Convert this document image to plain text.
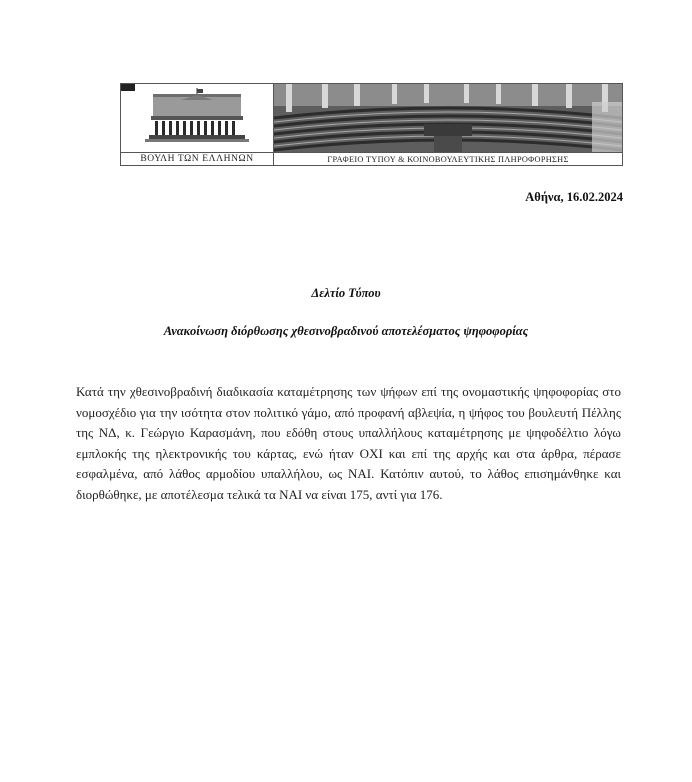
ΒΟΥΛΗ ΤΩΝ ΕΛΛΗΝΩΝ	ΓΡΑΦΕΙΟ ΤΥΠΟΥ & ΚΟΙΝΟΒΟΥΛΕΥΤΙΚΗΣ ΠΛΗΡΟΦΟΡΗΣΗΣ
Αθήνα, 16.02.2024
Δελτίο Τύπου
Ανακοίνωση διόρθωσης χθεσινοβραδινού αποτελέσματος ψηφοφορίας
Κατά την χθεσινοβραδινή διαδικασία καταμέτρησης των ψήφων επί της ονομαστικής ψηφοφορίας στο νομοσχέδιο για την ισότητα στον πολιτικό γάμο, από προφανή αβλεψία, η ψήφος του βουλευτή Πέλλης της ΝΔ, κ. Γεώργιο Καρασμάνη, που εδόθη στους υπαλλήλους καταμέτρησης με ψηφοδέλτιο λόγω εμπλοκής της ηλεκτρονικής του κάρτας, ενώ ήταν ΟΧΙ και επί της αρχής και στα άρθρα, πέρασε εσφαλμένα, από λάθος αρμοδίου υπαλλήλου, ως ΝΑΙ. Κατόπιν αυτού, το λάθος επισημάνθηκε και διορθώθηκε, με αποτέλεσμα τελικά τα ΝΑΙ να είναι 175, αντί για 176.
